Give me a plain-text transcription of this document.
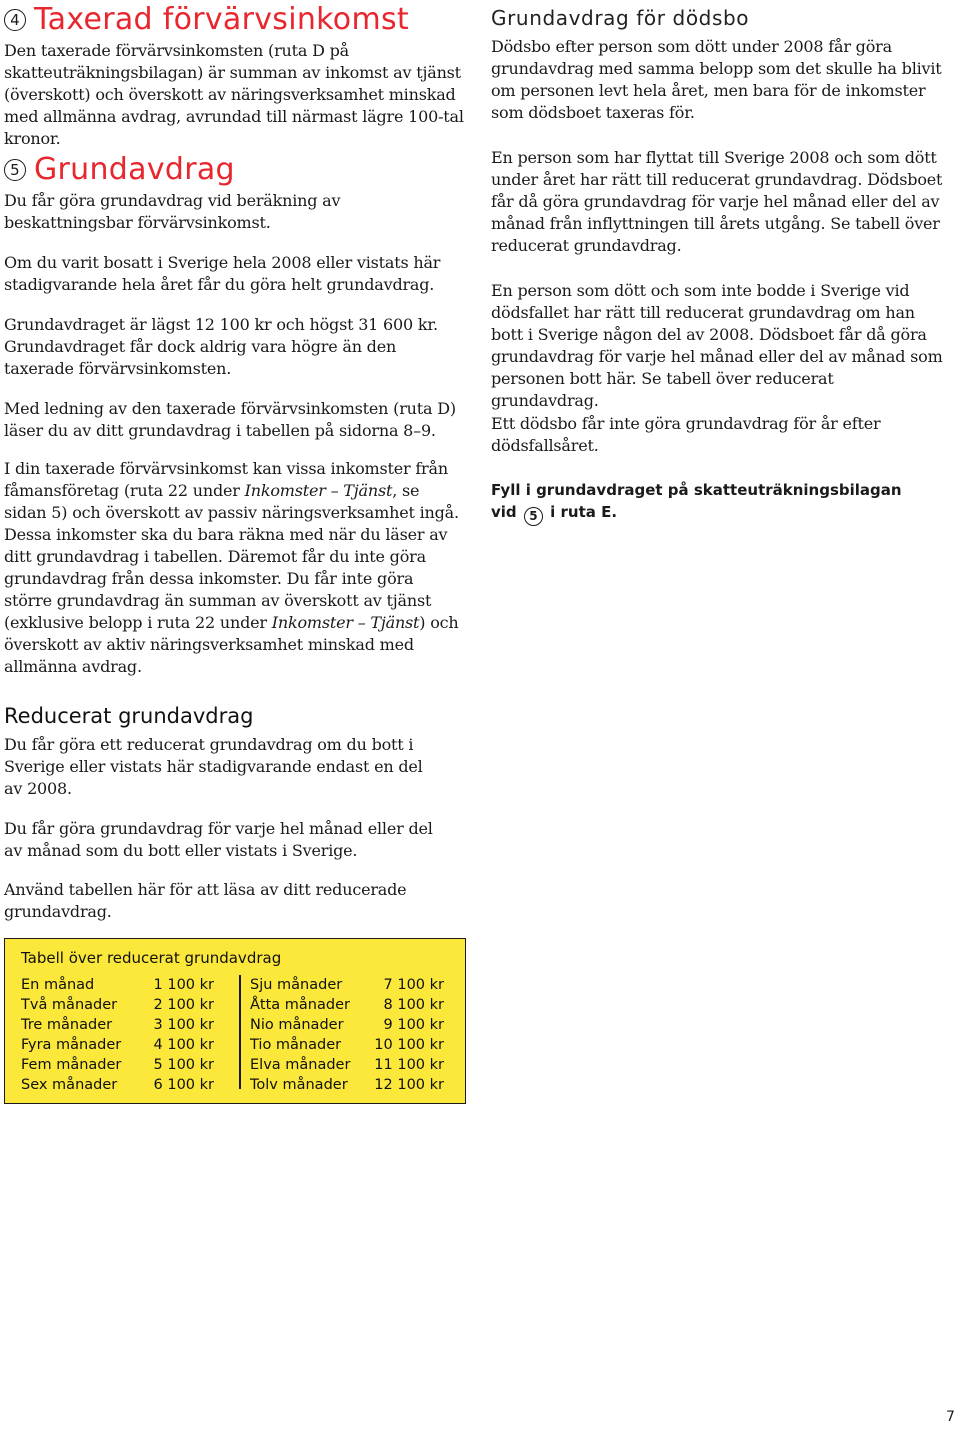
4 Taxerad förvärvsinkomst

Den taxerade förvärvsinkomsten (ruta D på skatteuträkningsbilagan) är summan av inkomst av tjänst (överskott) och överskott av näringsverksamhet minskad med allmänna avdrag, avrundad till närmast lägre 100-tal kronor.

5 Grundavdrag

Du får göra grundavdrag vid beräkning av beskattningsbar förvärvsinkomst.

Om du varit bosatt i Sverige hela 2008 eller vistats här stadigvarande hela året får du göra helt grundavdrag.

Grundavdraget är lägst 12 100 kr och högst 31 600 kr. Grundavdraget får dock aldrig vara högre än den taxerade förvärvsinkomsten.

Med ledning av den taxerade förvärvsinkomsten (ruta D) läser du av ditt grundavdrag i tabellen på sidorna 8–9.

I din taxerade förvärvsinkomst kan vissa inkomster från fåmansföretag (ruta 22 under Inkomster – Tjänst, se sidan 5) och överskott av passiv näringsverksamhet ingå. Dessa inkomster ska du bara räkna med när du läser av ditt grundavdrag i tabellen. Däremot får du inte göra grundavdrag från dessa inkomster. Du får inte göra större grundavdrag än summan av överskott av tjänst (exklusive belopp i ruta 22 under Inkomster – Tjänst) och överskott av aktiv näringsverksamhet minskad med allmänna avdrag.

Reducerat grundavdrag

Du får göra ett reducerat grundavdrag om du bott i Sverige eller vistats här stadigvarande endast en del av 2008.

Du får göra grundavdrag för varje hel månad eller del av månad som du bott eller vistats i Sverige.

Använd tabellen här för att läsa av ditt reducerade grundavdrag.

Tabell över reducerat grundavdrag
En månad	1 100 kr
Två månader	2 100 kr
Tre månader	3 100 kr
Fyra månader	4 100 kr
Fem månader	5 100 kr
Sex månader	6 100 kr
Sju månader	7 100 kr
Åtta månader	8 100 kr
Nio månader	9 100 kr
Tio månader	10 100 kr
Elva månader	11 100 kr
Tolv månader	12 100 kr
Grundavdrag för dödsbo

Dödsbo efter person som dött under 2008 får göra grundavdrag med samma belopp som det skulle ha blivit om personen levt hela året, men bara för de inkomster som dödsboet taxeras för.

En person som har flyttat till Sverige 2008 och som dött under året har rätt till reducerat grundavdrag. Dödsboet får då göra grundavdrag för varje hel månad eller del av månad från inflyttningen till årets utgång. Se tabell över reducerat grundavdrag.

En person som dött och som inte bodde i Sverige vid dödsfallet har rätt till reducerat grundavdrag om han bott i Sverige någon del av 2008. Dödsboet får då göra grundavdrag för varje hel månad eller del av månad som personen bott här. Se tabell över reducerat grundavdrag.

Ett dödsbo får inte göra grundavdrag för år efter dödsfallsåret.

Fyll i grundavdraget på skatteuträkningsbilagan vid 5 i ruta E.

7
